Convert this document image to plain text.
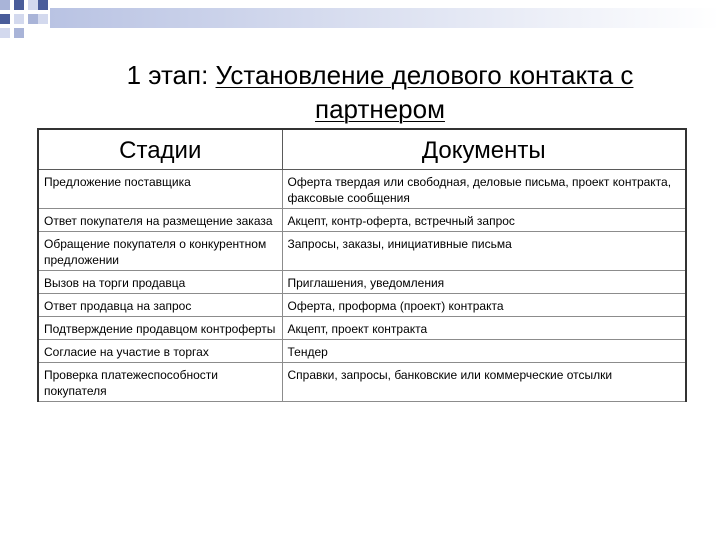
1 этап: Установление делового контакта с партнером
Стадии	Документы
Предложение поставщика	Оферта твердая или свободная, деловые письма, проект контракта, факсовые сообщения
Ответ покупателя на размещение заказа	Акцепт, контр-оферта, встречный запрос
Обращение покупателя о конкурентном предложении	Запросы, заказы, инициативные письма
Вызов на торги продавца	Приглашения, уведомления
Ответ продавца на запрос	Оферта, проформа (проект) контракта
Подтверждение продавцом контроферты	Акцепт, проект контракта
Согласие на участие в торгах	Тендер
Проверка платежеспособности покупателя	Справки, запросы, банковские или коммерческие отсылки
